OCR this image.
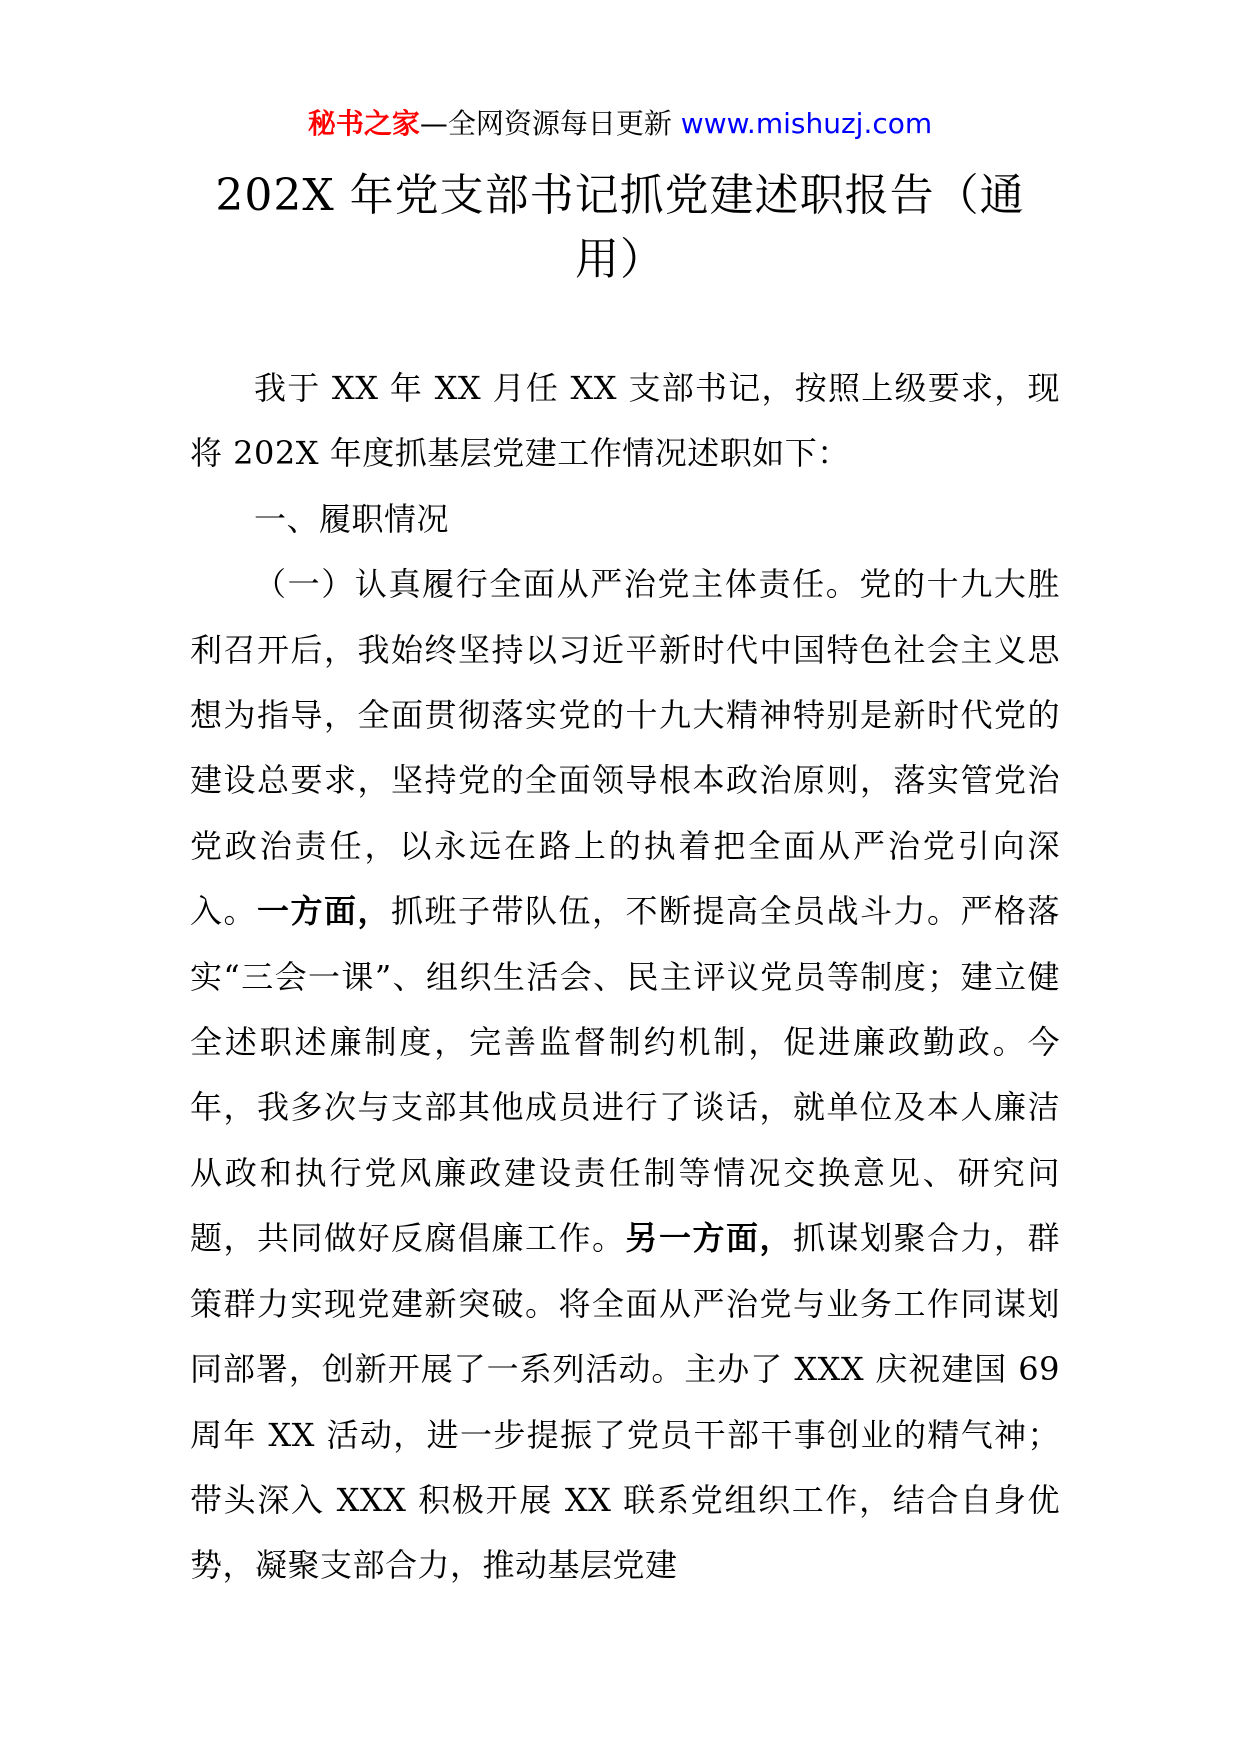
秘书之家—全网资源每日更新 www.mishuzj.com
202X 年党支部书记抓党建述职报告（通用）

我于 XX 年 XX 月任 XX 支部书记，按照上级要求，现将 202X 年度抓基层党建工作情况述职如下：

一、履职情况

（一）认真履行全面从严治党主体责任。党的十九大胜利召开后，我始终坚持以习近平新时代中国特色社会主义思想为指导，全面贯彻落实党的十九大精神特别是新时代党的建设总要求，坚持党的全面领导根本政治原则，落实管党治党政治责任，以永远在路上的执着把全面从严治党引向深入。一方面，抓班子带队伍，不断提高全员战斗力。严格落实“三会一课”、组织生活会、民主评议党员等制度；建立健全述职述廉制度，完善监督制约机制，促进廉政勤政。今年，我多次与支部其他成员进行了谈话，就单位及本人廉洁从政和执行党风廉政建设责任制等情况交换意见、研究问题，共同做好反腐倡廉工作。另一方面，抓谋划聚合力，群策群力实现党建新突破。将全面从严治党与业务工作同谋划同部署，创新开展了一系列活动。主办了 XXX 庆祝建国 69 周年 XX 活动，进一步提振了党员干部干事创业的精气神；带头深入 XXX 积极开展 XX 联系党组织工作，结合自身优势，凝聚支部合力，推动基层党建
